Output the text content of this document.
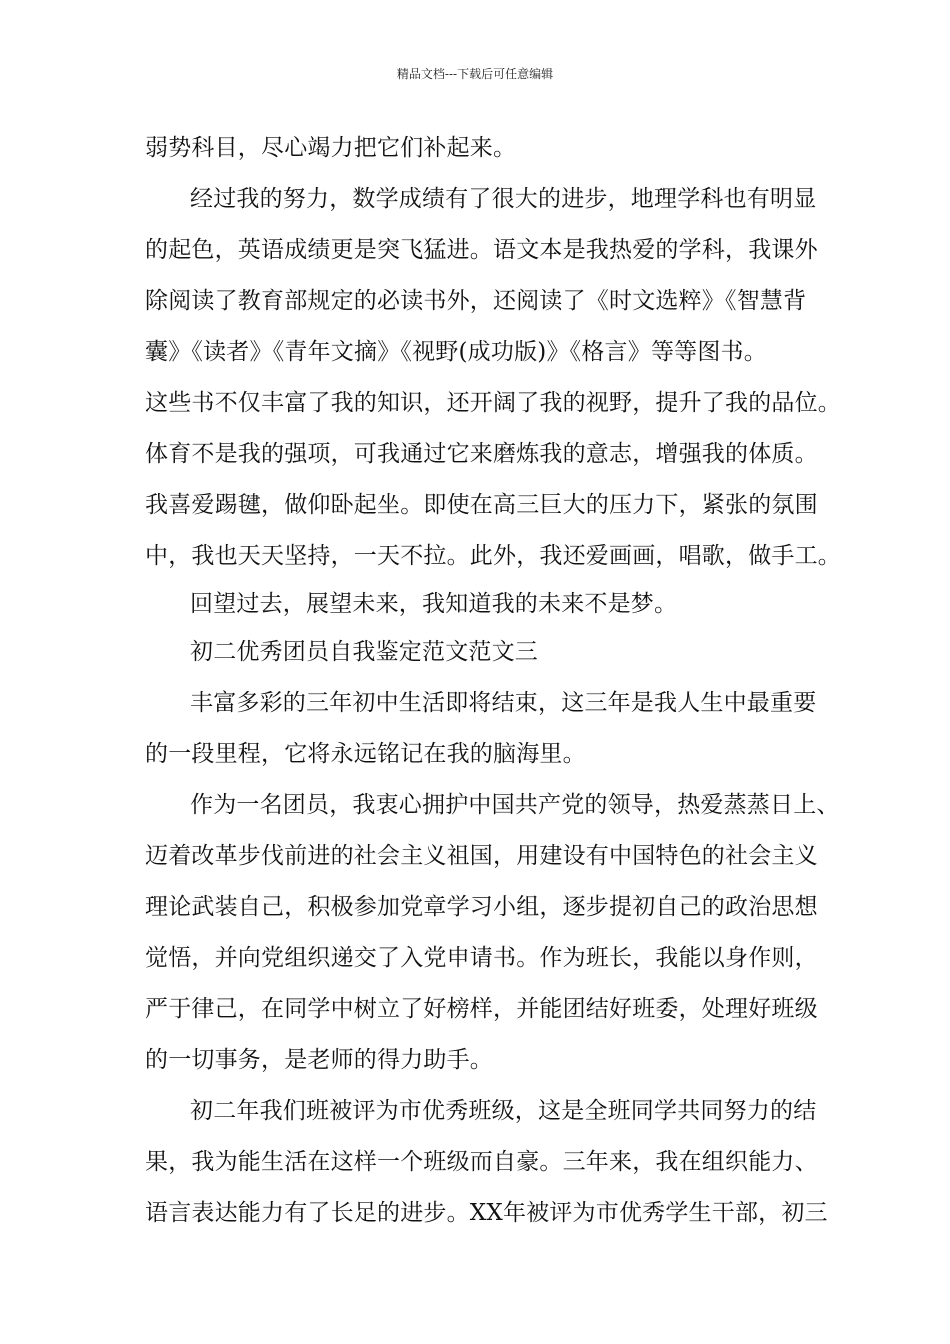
精品文档---下载后可任意编辑
弱势科目，尽心竭力把它们补起来。
经过我的努力，数学成绩有了很大的进步，地理学科也有明显
的起色，英语成绩更是突飞猛进。语文本是我热爱的学科，我课外
除阅读了教育部规定的必读书外，还阅读了《时文选粹》《智慧背
囊》《读者》《青年文摘》《视野(成功版)》《格言》等等图书。
这些书不仅丰富了我的知识，还开阔了我的视野，提升了我的品位。
体育不是我的强项，可我通过它来磨炼我的意志，增强我的体质。
我喜爱踢毽，做仰卧起坐。即使在高三巨大的压力下，紧张的氛围
中，我也天天坚持，一天不拉。此外，我还爱画画，唱歌，做手工。
回望过去，展望未来，我知道我的未来不是梦。
初二优秀团员自我鉴定范文范文三
丰富多彩的三年初中生活即将结束，这三年是我人生中最重要
的一段里程，它将永远铭记在我的脑海里。
作为一名团员，我衷心拥护中国共产党的领导，热爱蒸蒸日上、
迈着改革步伐前进的社会主义祖国，用建设有中国特色的社会主义
理论武装自己，积极参加党章学习小组，逐步提初自己的政治思想
觉悟，并向党组织递交了入党申请书。作为班长，我能以身作则，
严于律己，在同学中树立了好榜样，并能团结好班委，处理好班级
的一切事务，是老师的得力助手。
初二年我们班被评为市优秀班级，这是全班同学共同努力的结
果，我为能生活在这样一个班级而自豪。三年来，我在组织能力、
语言表达能力有了长足的进步。XX年被评为市优秀学生干部，初三
